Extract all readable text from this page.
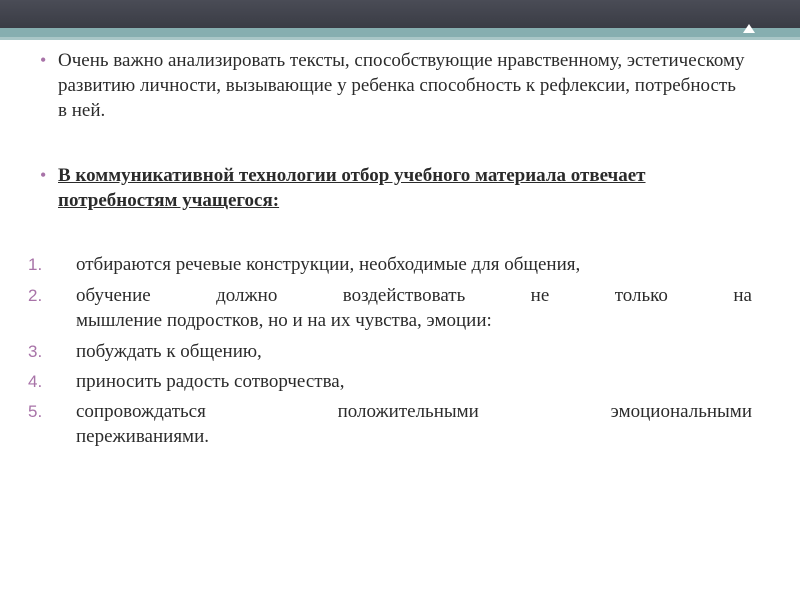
• Очень важно анализировать тексты, способствующие нравственному, эстетическому развитию личности, вызывающие у ребенка способность к рефлексии, потребность в ней.
• В коммуникативной технологии отбор учебного материала отвечает потребностям учащегося:
1.	отбираются речевые конструкции, необходимые для общения,
2.	обучение	должно	воздействовать	не	только	на
мышление подростков, но и на их чувства, эмоции:
3.	побуждать к общению,
4.	приносить радость сотворчества,
5.	сопровождаться	положительными	эмоциональными
переживаниями.
